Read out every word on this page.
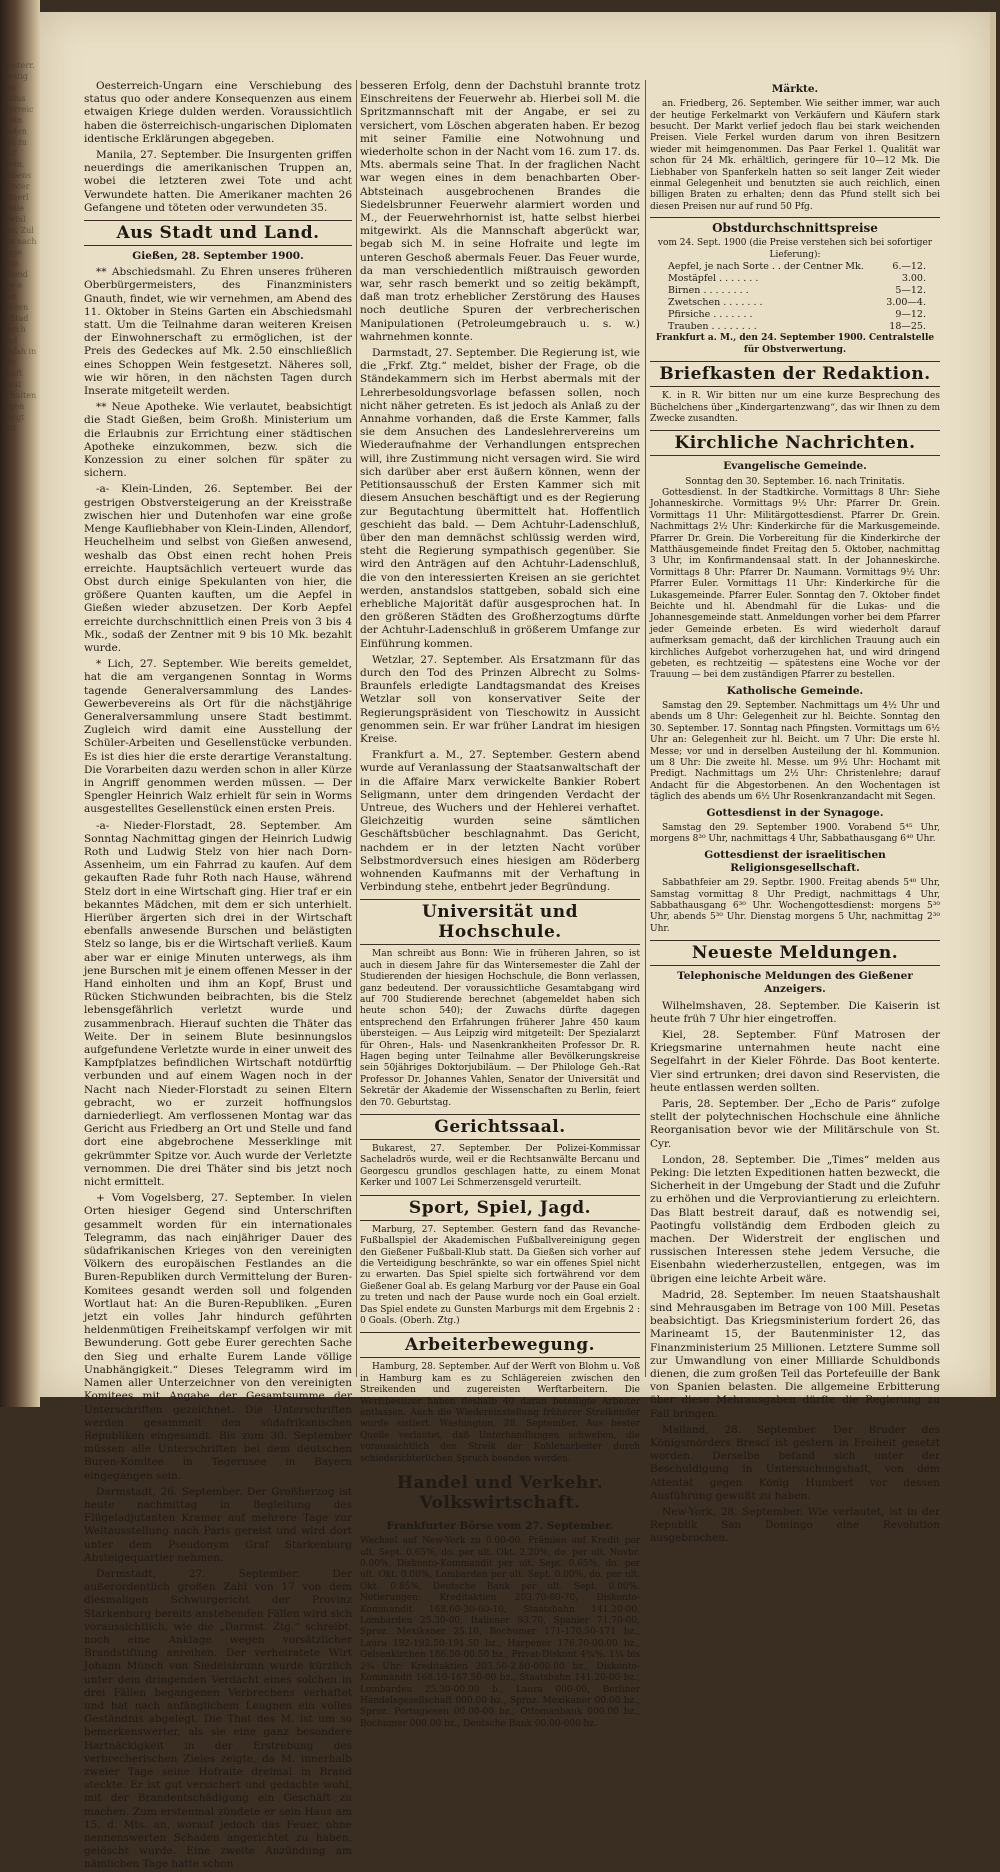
Oesterr. ineitig des ftatus sterreich ein baden Spl zu Auf Wein. Lebens Winter Sitzerl Weile ereinl Ein. Zul bei nach Sage vom Abend Sie e den rieben d-Stad burch und Gefah in der chaft Kaut erhalten lagen Sorgt Mit

Oesterreich-Ungarn eine Verschiebung des status quo oder andere Konsequenzen aus einem etwaigen Kriege dulden werden. Voraussichtlich haben die österreichisch-ungarischen Diplomaten identische Erklärungen abgegeben.

Manila, 27. September. Die Insurgenten griffen neuerdings die amerikanischen Truppen an, wobei die letzteren zwei Tote und acht Verwundete hatten. Die Amerikaner machten 26 Gefangene und töteten oder verwundeten 35.

Aus Stadt und Land.
Gießen, 28. September 1900.

** Abschiedsmahl. Zu Ehren unseres früheren Oberbürgermeisters, des Finanzministers Gnauth, findet, wie wir vernehmen, am Abend des 11. Oktober in Steins Garten ein Abschiedsmahl statt. Um die Teilnahme daran weiteren Kreisen der Einwohnerschaft zu ermöglichen, ist der Preis des Gedeckes auf Mk. 2.50 einschließlich eines Schoppen Wein festgesetzt. Näheres soll, wie wir hören, in den nächsten Tagen durch Inserate mitgeteilt werden.

** Neue Apotheke. Wie verlautet, beabsichtigt die Stadt Gießen, beim Großh. Ministerium um die Erlaubnis zur Errichtung einer städtischen Apotheke einzukommen, bezw. sich die Konzession zu einer solchen für später zu sichern.

-a- Klein-Linden, 26. September. Bei der gestrigen Obstversteigerung an der Kreisstraße zwischen hier und Dutenhofen war eine große Menge Kaufliebhaber von Klein-Linden, Allendorf, Heuchelheim und selbst von Gießen anwesend, weshalb das Obst einen recht hohen Preis erreichte. Hauptsächlich verteuert wurde das Obst durch einige Spekulanten von hier, die größere Quanten kauften, um die Aepfel in Gießen wieder abzusetzen. Der Korb Aepfel erreichte durchschnittlich einen Preis von 3 bis 4 Mk., sodaß der Zentner mit 9 bis 10 Mk. bezahlt wurde.

* Lich, 27. September. Wie bereits gemeldet, hat die am vergangenen Sonntag in Worms tagende Generalversammlung des Landes-Gewerbevereins als Ort für die nächstjährige Generalversammlung unsere Stadt bestimmt. Zugleich wird damit eine Ausstellung der Schüler-Arbeiten und Gesellenstücke verbunden. Es ist dies hier die erste derartige Veranstaltung. Die Vorarbeiten dazu werden schon in aller Kürze in Angriff genommen werden müssen. — Der Spengler Heinrich Walz erhielt für sein in Worms ausgestelltes Gesellenstück einen ersten Preis.

-a- Nieder-Florstadt, 28. September. Am Sonntag Nachmittag gingen der Heinrich Ludwig Roth und Ludwig Stelz von hier nach Dorn-Assenheim, um ein Fahrrad zu kaufen. Auf dem gekauften Rade fuhr Roth nach Hause, während Stelz dort in eine Wirtschaft ging. Hier traf er ein bekanntes Mädchen, mit dem er sich unterhielt. Hierüber ärgerten sich drei in der Wirtschaft ebenfalls anwesende Burschen und belästigten Stelz so lange, bis er die Wirtschaft verließ. Kaum aber war er einige Minuten unterwegs, als ihm jene Burschen mit je einem offenen Messer in der Hand einholten und ihm an Kopf, Brust und Rücken Stichwunden beibrachten, bis die Stelz lebensgefährlich verletzt wurde und zusammenbrach. Hierauf suchten die Thäter das Weite. Der in seinem Blute besinnungslos aufgefundene Verletzte wurde in einer unweit des Kampfplatzes befindlichen Wirtschaft notdürftig verbunden und auf einem Wagen noch in der Nacht nach Nieder-Florstadt zu seinen Eltern gebracht, wo er zurzeit hoffnungslos darniederliegt. Am verflossenen Montag war das Gericht aus Friedberg an Ort und Stelle und fand dort eine abgebrochene Messerklinge mit gekrümmter Spitze vor. Auch wurde der Verletzte vernommen. Die drei Thäter sind bis jetzt noch nicht ermittelt.

+ Vom Vogelsberg, 27. September. In vielen Orten hiesiger Gegend sind Unterschriften gesammelt worden für ein internationales Telegramm, das nach einjähriger Dauer des südafrikanischen Krieges von den vereinigten Völkern des europäischen Festlandes an die Buren-Republiken durch Vermittelung der Buren-Komitees gesandt werden soll und folgenden Wortlaut hat: An die Buren-Republiken. „Euren jetzt ein volles Jahr hindurch geführten heldenmütigen Freiheitskampf verfolgen wir mit Bewunderung. Gott gebe Eurer gerechten Sache den Sieg und erhalte Eurem Lande völlige Unabhängigkeit.“ Dieses Telegramm wird im Namen aller Unterzeichner von den vereinigten Komitees mit Angabe der Gesamtsumme der Unterschriften gezeichnet. Die Unterschriften werden gesammelt den südafrikanischen Republiken eingesandt. Bis zum 30. September müssen alle Unterschriften bei dem deutschen Buren-Komitee in Tegernsee in Bayern eingegangen sein.

Darmstadt, 26. September. Der Großherzog ist heute nachmittag in Begleitung des Flügeladjutanten Kramer auf mehrere Tage zur Weltausstellung nach Paris gereist und wird dort unter dem Pseudonym Graf Starkenburg Absteigequartier nehmen.

Darmstadt, 27. September. Der außerordentlich großen Zahl von 17 von dem diesmaligen Schwurgericht der Provinz Starkenburg bereits anstehenden Fällen wird sich voraussichtlich, wie die „Darmst. Ztg.“ schreibt, noch eine Anklage wegen vorsätzlicher Brandstiftung anreihen. Der verheiratete Wirt Johann Münch von Siedelsbrunn wurde kürzlich unter dem dringenden Verdacht eines solchen in drei Fällen begangenen Verbrechens verhaftet und hat nach anfänglichem Leugnen ein volles Geständnis abgelegt. Die That des M. ist um so bemerkenswerter, als sie eine ganz besondere Hartnäckigkeit in der Erstrebung des verbrecherischen Zieles zeigte, da M. innerhalb zweier Tage seine Hofraite dreimal in Brand steckte. Er ist gut versichert und gedachte wohl, mit der Brandentschädigung ein Geschäft zu machen. Zum erstenmal zündete er sein Haus am 15. d. Mts. an, worauf jedoch das Feuer, ohne nennenswerten Schaden angerichtet zu haben, gelöscht wurde. Eine zweite Anzündung am nämlichen Tage hatte schon

besseren Erfolg, denn der Dachstuhl brannte trotz Einschreitens der Feuerwehr ab. Hierbei soll M. die Spritzmannschaft mit der Angabe, er sei zu versichert, vom Löschen abgeraten haben. Er bezog mit seiner Familie eine Notwohnung und wiederholte schon in der Nacht vom 16. zum 17. ds. Mts. abermals seine That. In der fraglichen Nacht war wegen eines in dem benachbarten Ober-Abtsteinach ausgebrochenen Brandes die Siedelsbrunner Feuerwehr alarmiert worden und M., der Feuerwehrhornist ist, hatte selbst hierbei mitgewirkt. Als die Mannschaft abgerückt war, begab sich M. in seine Hofraite und legte im unteren Geschoß abermals Feuer. Das Feuer wurde, da man verschiedentlich mißtrauisch geworden war, sehr rasch bemerkt und so zeitig bekämpft, daß man trotz erheblicher Zerstörung des Hauses noch deutliche Spuren der verbrecherischen Manipulationen (Petroleumgebrauch u. s. w.) wahrnehmen konnte.

Darmstadt, 27. September. Die Regierung ist, wie die „Frkf. Ztg.“ meldet, bisher der Frage, ob die Ständekammern sich im Herbst abermals mit der Lehrerbesoldungsvorlage befassen sollen, noch nicht näher getreten. Es ist jedoch als Anlaß zu der Annahme vorhanden, daß die Erste Kammer, falls sie dem Ansuchen des Landeslehrervereins um Wiederaufnahme der Verhandlungen entsprechen will, ihre Zustimmung nicht versagen wird. Sie wird sich darüber aber erst äußern können, wenn der Petitionsausschuß der Ersten Kammer sich mit diesem Ansuchen beschäftigt und es der Regierung zur Begutachtung übermittelt hat. Hoffentlich geschieht das bald. — Dem Achtuhr-Ladenschluß, über den man demnächst schlüssig werden wird, steht die Regierung sympathisch gegenüber. Sie wird den Anträgen auf den Achtuhr-Ladenschluß, die von den interessierten Kreisen an sie gerichtet werden, anstandslos stattgeben, sobald sich eine erhebliche Majorität dafür ausgesprochen hat. In den größeren Städten des Großherzogtums dürfte der Achtuhr-Ladenschluß in größerem Umfange zur Einführung kommen.

Wetzlar, 27. September. Als Ersatzmann für das durch den Tod des Prinzen Albrecht zu Solms-Braunfels erledigte Landtagsmandat des Kreises Wetzlar soll von konservativer Seite der Regierungspräsident von Tieschowitz in Aussicht genommen sein. Er war früher Landrat im hiesigen Kreise.

Frankfurt a. M., 27. September. Gestern abend wurde auf Veranlassung der Staatsanwaltschaft der in die Affaire Marx verwickelte Bankier Robert Seligmann, unter dem dringenden Verdacht der Untreue, des Wuchers und der Hehlerei verhaftet. Gleichzeitig wurden seine sämtlichen Geschäftsbücher beschlagnahmt. Das Gericht, nachdem er in der letzten Nacht vorüber Selbstmordversuch eines hiesigen am Röderberg wohnenden Kaufmanns mit der Verhaftung in Verbindung stehe, entbehrt jeder Begründung.

Universität und Hochschule.

Man schreibt aus Bonn: Wie in früheren Jahren, so ist auch in diesem Jahre für das Wintersemester die Zahl der Studierenden der hiesigen Hochschule, die Bonn verlassen, ganz bedeutend. Der voraussichtliche Gesamtabgang wird auf 700 Studierende berechnet (abgemeldet haben sich heute schon 540); der Zuwachs dürfte dagegen entsprechend den Erfahrungen früherer Jahre 450 kaum übersteigen. — Aus Leipzig wird mitgeteilt: Der Spezialarzt für Ohren-, Hals- und Nasenkrankheiten Professor Dr. R. Hagen beging unter Teilnahme aller Bevölkerungskreise sein 50jähriges Doktorjubiläum. — Der Philologe Geh.-Rat Professor Dr. Johannes Vahlen, Senator der Universität und Sekretär der Akademie der Wissenschaften zu Berlin, feiert den 70. Geburtstag.

Gerichtssaal.

Bukarest, 27. September. Der Polizei-Kommissar Sacheladrös wurde, weil er die Rechtsanwälte Bercanu und Georgescu grundlos geschlagen hatte, zu einem Monat Kerker und 1007 Lei Schmerzensgeld verurteilt.

Sport, Spiel, Jagd.

Marburg, 27. September. Gestern fand das Revanche-Fußballspiel der Akademischen Fußballvereinigung gegen den Gießener Fußball-Klub statt. Da Gießen sich vorher auf die Verteidigung beschränkte, so war ein offenes Spiel nicht zu erwarten. Das Spiel spielte sich fortwährend vor dem Gießener Goal ab. Es gelang Marburg vor der Pause ein Goal zu treten und nach der Pause wurde noch ein Goal erzielt. Das Spiel endete zu Gunsten Marburgs mit dem Ergebnis 2 : 0 Goals. (Oberh. Ztg.)

Arbeiterbewegung.

Hamburg, 28. September. Auf der Werft von Blohm u. Voß in Hamburg kam es zu Schlägereien zwischen den Streikenden und zugereisten Werftarbeitern. Die Werftbesitzer haben deshalb 40 daran beteiligte Arbeiter entlassen. Auch die Wiedereinstellung früherer Streikender wurde sistiert. Washington, 28. September. Aus bester Quelle verlautet, daß Unterhandlungen schweben, die voraussichtlich den Streik der Kohlenarbeiter durch schiedsrichterlichen Spruch beenden werden.

Handel und Verkehr. Volkswirtschaft.
Frankfurter Börse vom 27. September.

Wechsel auf New-York zu 0.00-00. Prämien auf Kredit per ult. Sept. 0.65%, do. per ult. Okt. 2.20%, do. per ult. Novbr. 0.00%, Diskonto-Kommandit per ult. Sept. 0.65%, do. per ult. Okt. 0.00%, Lombarden per ult. Sept. 0.00%, do. per ult. Okt. 0.85%, Deutsche Bank per ult. Sept. 0.00%. Notierungen: Kreditaktien 203.70-80-70, Diskonto-Kommandit 168.60-30-60-10, Staatsbahn 141.20-00, Lombarden 25.30-00, Italiener 93.70, Spanier 71.70-00, Sproz. Mexikaner 25.10, Bochumer 171-170.50-171 bz., Laura 192-192.50-191.50 bz., Harpener 176.70-00.00 bz., Gelsenkirchen 186.50-00.50 bz., Privat-Diskont 4¾%. 1¼ bis 2¾ Uhr: Kreditaktien 203.50-2.80-000.00 bz., Diskonto-Kommandit 168.10-167.50-00 bz., Staatsbahn 141.20-00 bz., Lombarden 25.30-00.00 b., Laura 000-00, Berliner Handelsgesellschaft 000.00 bz., Sproz. Mexikaner 00.00 bz., Sproz. Portugiesen 00.00-00 bz., Ottomanbank 000.00 bz., Bochumer 000.00 bz., Deutsche Bank 00.00-000 bz.

Märkte.

an. Friedberg, 26. September. Wie seither immer, war auch der heutige Ferkelmarkt von Verkäufern und Käufern stark besucht. Der Markt verlief jedoch flau bei stark weichenden Preisen. Viele Ferkel wurden darum von ihren Besitzern wieder mit heimgenommen. Das Paar Ferkel 1. Qualität war schon für 24 Mk. erhältlich, geringere für 10—12 Mk. Die Liebhaber von Spanferkeln hatten so seit langer Zeit wieder einmal Gelegenheit und benutzten sie auch reichlich, einen billigen Braten zu erhalten; denn das Pfund stellt sich bei diesen Preisen nur auf rund 50 Pfg.

Obstdurchschnittspreise
vom 24. Sept. 1900 (die Preise verstehen sich bei sofortiger Lieferung):
Aepfel, je nach Sorte . . der Centner Mk.	6.—12.
Mostäpfel . . . . . . .	3.00.
Birnen . . . . . . . .	5—12.
Zwetschen . . . . . . .	3.00—4.
Pfirsiche . . . . . . .	9—12.
Trauben . . . . . . . .	18—25.
Frankfurt a. M., den 24. September 1900. Centralstelle für Obstverwertung.
Briefkasten der Redaktion.

K. in R. Wir bitten nur um eine kurze Besprechung des Büchelchens über „Kindergartenzwang“, das wir Ihnen zu dem Zwecke zusandten.

Kirchliche Nachrichten.
Evangelische Gemeinde.
Sonntag den 30. September. 16. nach Trinitatis.

Gottesdienst. In der Stadtkirche. Vormittags 8 Uhr: Siehe Johanneskirche. Vormittags 9½ Uhr: Pfarrer Dr. Grein. Vormittags 11 Uhr: Militärgottesdienst. Pfarrer Dr. Grein. Nachmittags 2½ Uhr: Kinderkirche für die Markusgemeinde. Pfarrer Dr. Grein. Die Vorbereitung für die Kinderkirche der Matthäusgemeinde findet Freitag den 5. Oktober, nachmittag 3 Uhr, im Konfirmandensaal statt. In der Johanneskirche. Vormittags 8 Uhr: Pfarrer Dr. Naumann. Vormittags 9½ Uhr: Pfarrer Euler. Vormittags 11 Uhr: Kinderkirche für die Lukasgemeinde. Pfarrer Euler. Sonntag den 7. Oktober findet Beichte und hl. Abendmahl für die Lukas- und die Johannesgemeinde statt. Anmeldungen vorher bei dem Pfarrer jeder Gemeinde erbeten. Es wird wiederholt darauf aufmerksam gemacht, daß der kirchlichen Trauung auch ein kirchliches Aufgebot vorherzugehen hat, und wird dringend gebeten, es rechtzeitig — spätestens eine Woche vor der Trauung — bei dem zuständigen Pfarrer zu bestellen.

Katholische Gemeinde.

Samstag den 29. September. Nachmittags um 4½ Uhr und abends um 8 Uhr: Gelegenheit zur hl. Beichte. Sonntag den 30. September. 17. Sonntag nach Pfingsten. Vormittags um 6½ Uhr an: Gelegenheit zur hl. Beicht. um 7 Uhr: Die erste hl. Messe; vor und in derselben Austeilung der hl. Kommunion. um 8 Uhr: Die zweite hl. Messe. um 9½ Uhr: Hochamt mit Predigt. Nachmittags um 2½ Uhr: Christenlehre; darauf Andacht für die Abgestorbenen. An den Wochentagen ist täglich des abends um 6½ Uhr Rosenkranzandacht mit Segen.

Gottesdienst in der Synagoge.

Samstag den 29. September 1900. Vorabend 5⁴⁵ Uhr, morgens 8³⁰ Uhr, nachmittags 4 Uhr, Sabbathausgang 6⁴⁰ Uhr.

Gottesdienst der israelitischen Religionsgesellschaft.

Sabbathfeier am 29. Septbr. 1900. Freitag abends 5⁴⁰ Uhr, Samstag vormittag 8 Uhr Predigt, nachmittags 4 Uhr, Sabbathausgang 6³⁰ Uhr. Wochengottesdienst: morgens 5³⁰ Uhr, abends 5³⁰ Uhr. Dienstag morgens 5 Uhr, nachmittag 2³⁰ Uhr.

Neueste Meldungen.
Telephonische Meldungen des Gießener Anzeigers.

Wilhelmshaven, 28. September. Die Kaiserin ist heute früh 7 Uhr hier eingetroffen.

Kiel, 28. September. Fünf Matrosen der Kriegsmarine unternahmen heute nacht eine Segelfahrt in der Kieler Föhrde. Das Boot kenterte. Vier sind ertrunken; drei davon sind Reservisten, die heute entlassen werden sollten.

Paris, 28. September. Der „Echo de Paris“ zufolge stellt der polytechnischen Hochschule eine ähnliche Reorganisation bevor wie der Militärschule von St. Cyr.

London, 28. September. Die „Times“ melden aus Peking: Die letzten Expeditionen hatten bezweckt, die Sicherheit in der Umgebung der Stadt und die Zufuhr zu erhöhen und die Verproviantierung zu erleichtern. Das Blatt bestreit darauf, daß es notwendig sei, Paotingfu vollständig dem Erdboden gleich zu machen. Der Widerstreit der englischen und russischen Interessen stehe jedem Versuche, die Eisenbahn wiederherzustellen, entgegen, was im übrigen eine leichte Arbeit wäre.

Madrid, 28. September. Im neuen Staatshaushalt sind Mehrausgaben im Betrage von 100 Mill. Pesetas beabsichtigt. Das Kriegsministerium fordert 26, das Marineamt 15, der Bautenminister 12, das Finanzministerium 25 Millionen. Letztere Summe soll zur Umwandlung von einer Milliarde Schuldbonds dienen, die zum großen Teil das Portefeuille der Bank von Spanien belasten. Die allgemeine Erbitterung über diese Mehrausgaben dürfte die Regierung zu Fall bringen.

Mailand, 28. September. Der Bruder des Königsmörders Bresci ist gestern in Freiheit gesetzt worden. Derselbe befand sich unter der Beschuldigung in Untersuchungshaft, von dem Attentat gegen König Humbert vor dessen Ausführung gewußt zu haben.

New-York, 28. September. Wie verlautet, ist in der Republik San Domingo eine Revolution ausgebrochen.
